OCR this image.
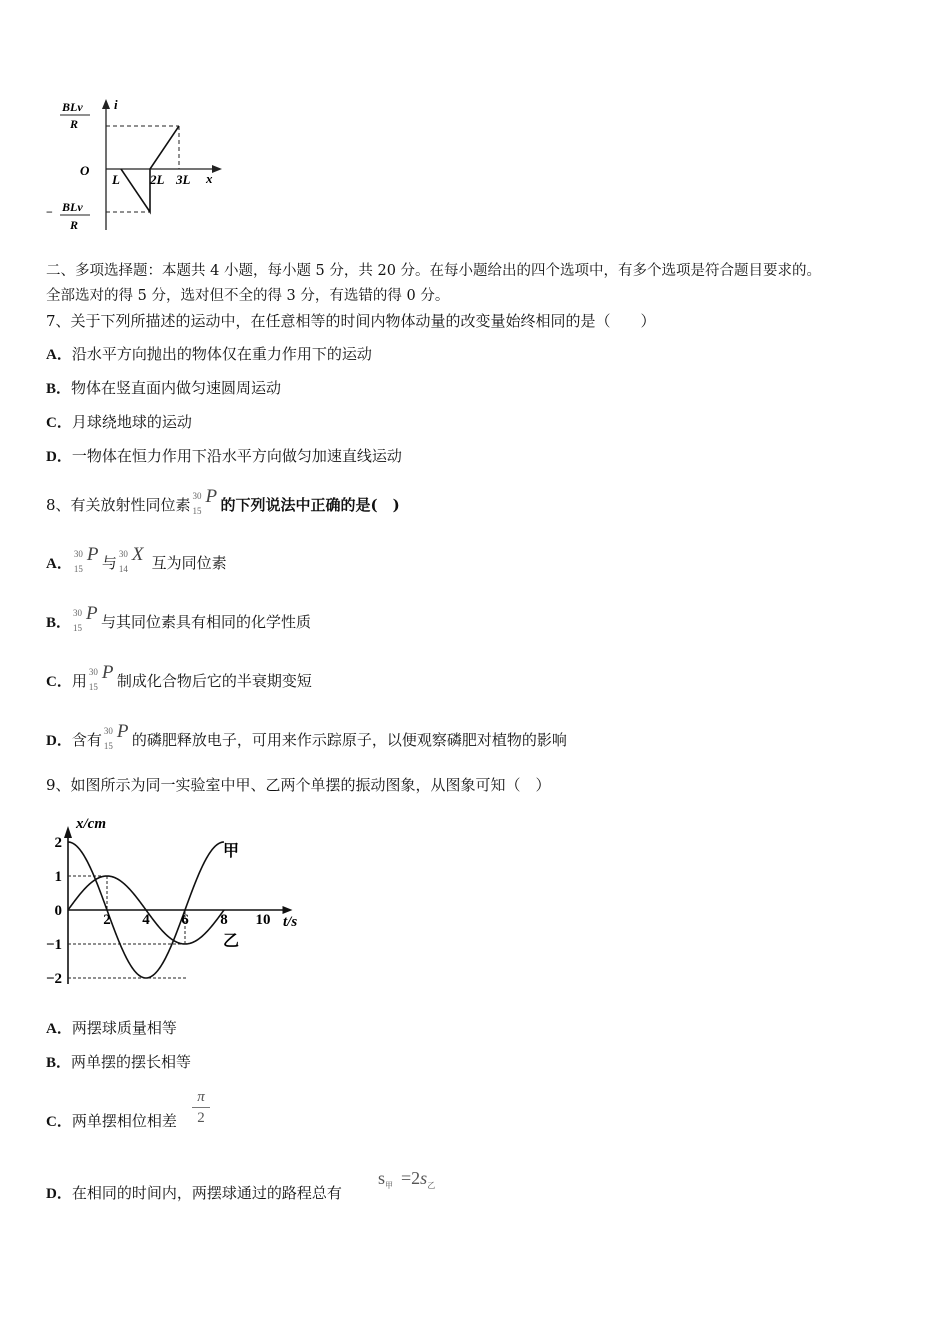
BLv
R
i
O
L 2L 3L x
− BLv
R
二、多项选择题：本题共 4 小题，每小题 5 分，共 20 分。在每小题给出的四个选项中，有多个选项是符合题目要求的。
全部选对的得 5 分，选对但不全的得 3 分，有选错的得 0 分。
7、关于下列所描述的运动中，在任意相等的时间内物体动量的改变量始终相同的是（　　）
A．沿水平方向抛出的物体仅在重力作用下的运动
B．物体在竖直面内做匀速圆周运动
C．月球绕地球的运动
D．一物体在恒力作用下沿水平方向做匀加速直线运动
8、有关放射性同位素 30
15
P 的下列说法中正确的是(　)
A．
30
15
P 与 30
14
X 互为同位素
B．
30
15
P 与其同位素具有相同的化学性质
C．用 30
15
P 制成化合物后它的半衰期变短
D．含有 30
15
P 的磷肥释放电子，可用来作示踪原子，以便观察磷肥对植物的影响
9、如图所示为同一实验室中甲、乙两个单摆的振动图象，从图象可知（　）
2
1
0
−1
−2
2 4 6 8 10
x/cm
t/s
甲
乙
A．两摆球质量相等
B．两单摆的摆长相等
C．两单摆相位相差
π
2
D．在相同的时间内，两摆球通过的路程总有
$s_甲 =2s_乙$
